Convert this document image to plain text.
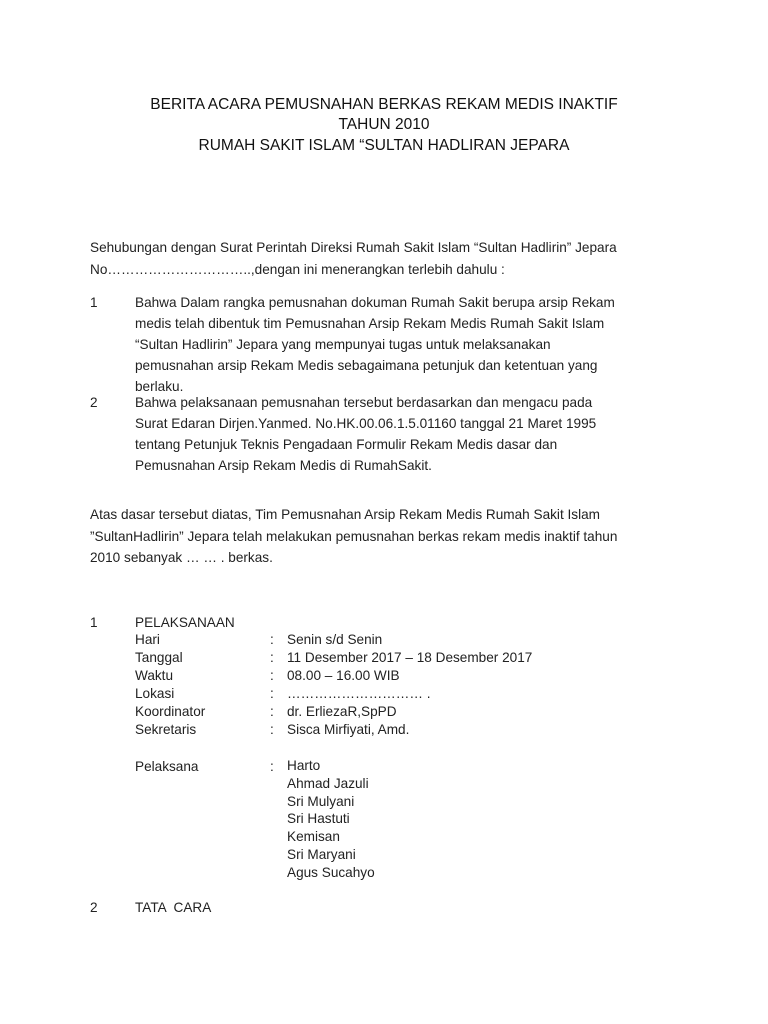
BERITA ACARA PEMUSNAHAN BERKAS REKAM MEDIS INAKTIF
TAHUN 2010
RUMAH SAKIT ISLAM “SULTAN HADLIRAN JEPARA
Sehubungan dengan Surat Perintah Direksi Rumah Sakit Islam “Sultan Hadlirin” Jepara
No…………………………..,dengan ini menerangkan terlebih dahulu :
1	Bahwa Dalam rangka pemusnahan dokuman Rumah Sakit berupa arsip Rekam
medis telah dibentuk tim Pemusnahan Arsip Rekam Medis Rumah Sakit Islam
“Sultan Hadlirin” Jepara yang mempunyai tugas untuk melaksanakan
pemusnahan arsip Rekam Medis sebagaimana petunjuk dan ketentuan yang
berlaku.
2	Bahwa pelaksanaan pemusnahan tersebut berdasarkan dan mengacu pada
Surat Edaran Dirjen.Yanmed. No.HK.00.06.1.5.01160 tanggal 21 Maret 1995
tentang Petunjuk Teknis Pengadaan Formulir Rekam Medis dasar dan
Pemusnahan Arsip Rekam Medis di RumahSakit.
Atas dasar tersebut diatas, Tim Pemusnahan Arsip Rekam Medis Rumah Sakit Islam
”SultanHadlirin” Jepara telah melakukan pemusnahan berkas rekam medis inaktif tahun
2010 sebanyak … … . berkas.
1	PELAKSANAAN
Hari	: Senin s/d Senin
Tanggal	: 11 Desember 2017 – 18 Desember 2017
Waktu	: 08.00 – 16.00 WIB
Lokasi	: ………………………… .
Koordinator	: dr. ErliezaR,SpPD
Sekretaris	: Sisca Mirfiyati, Amd.
Pelaksana	: Harto
Ahmad Jazuli
Sri Mulyani
Sri Hastuti
Kemisan
Sri Maryani
Agus Sucahyo
2	TATA  CARA
